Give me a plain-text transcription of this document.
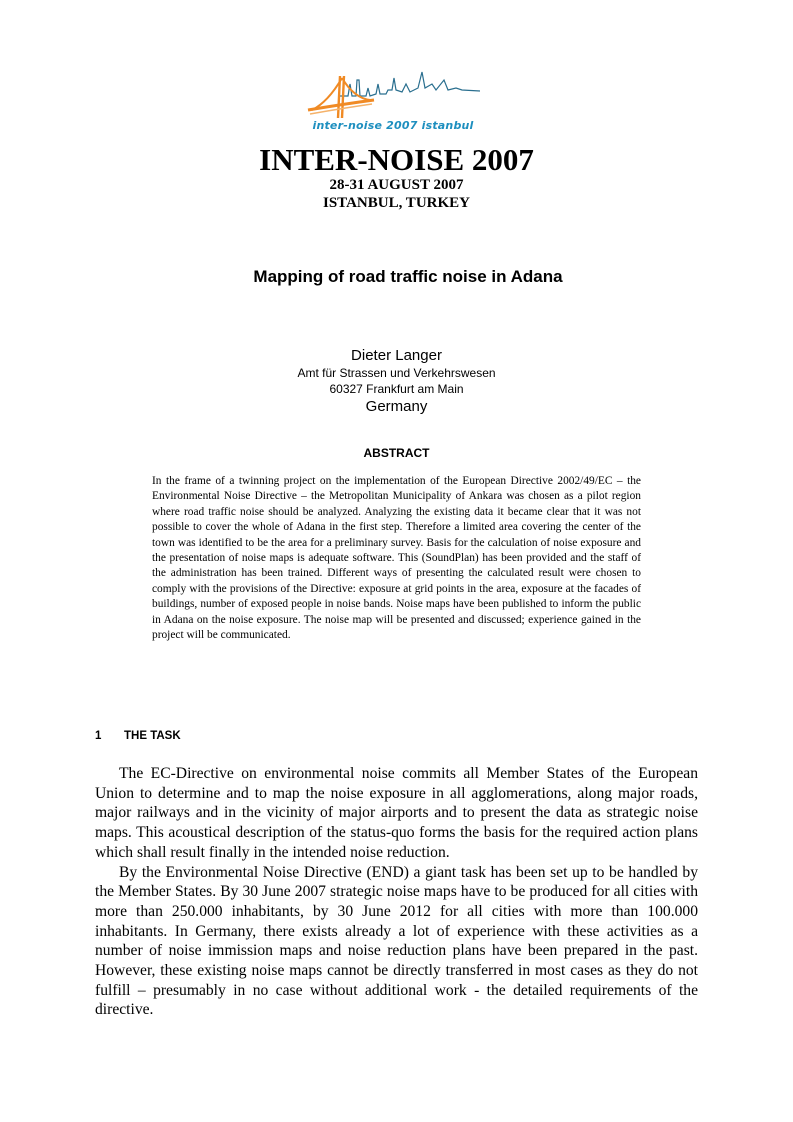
inter-noise 2007 istanbul
INTER-NOISE 2007
28-31 AUGUST 2007
ISTANBUL, TURKEY
Mapping of road traffic noise in Adana
Dieter Langer
Amt für Strassen und Verkehrswesen
60327 Frankfurt am Main
Germany
ABSTRACT

In the frame of a twinning project on the implementation of the European Directive 2002/49/EC – the Environmental Noise Directive – the Metropolitan Municipality of Ankara was chosen as a pilot region where road traffic noise should be analyzed. Analyzing the existing data it became clear that it was not possible to cover the whole of Adana in the first step. Therefore a limited area covering the center of the town was identified to be the area for a preliminary survey. Basis for the calculation of noise exposure and the presentation of noise maps is adequate software. This (SoundPlan) has been provided and the staff of the administration has been trained. Different ways of presenting the calculated result were chosen to comply with the provisions of the Directive: exposure at grid points in the area, exposure at the facades of buildings, number of exposed people in noise bands. Noise maps have been published to inform the public in Adana on the noise exposure. The noise map will be presented and discussed; experience gained in the project will be communicated.

1 THE TASK

The EC-Directive on environmental noise commits all Member States of the European Union to determine and to map the noise exposure in all agglomerations, along major roads, major railways and in the vicinity of major airports and to present the data as strategic noise maps. This acoustical description of the status-quo forms the basis for the required action plans which shall result finally in the intended noise reduction.

By the Environmental Noise Directive (END) a giant task has been set up to be handled by the Member States. By 30 June 2007 strategic noise maps have to be produced for all cities with more than 250.000 inhabitants, by 30 June 2012 for all cities with more than 100.000 inhabitants. In Germany, there exists already a lot of experience with these activities as a number of noise immission maps and noise reduction plans have been prepared in the past. However, these existing noise maps cannot be directly transferred in most cases as they do not fulfill – presumably in no case without additional work - the detailed requirements of the directive.
